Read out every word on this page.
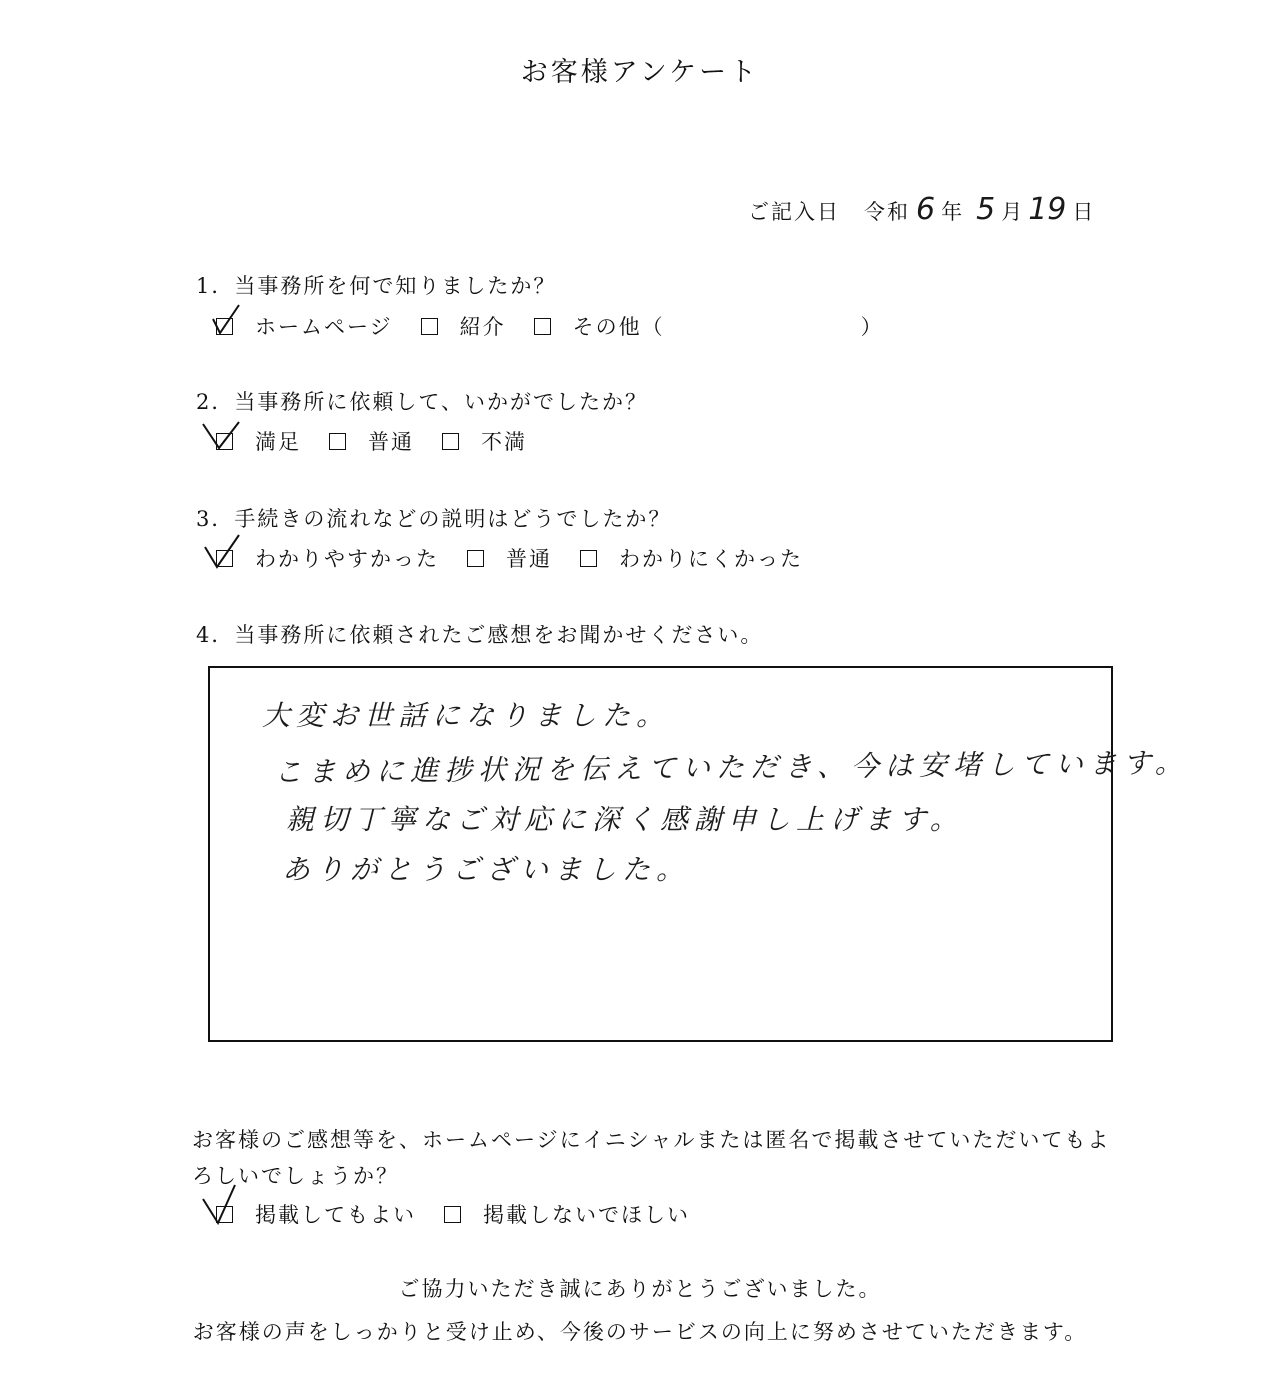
お客様アンケート
ご記入日 令和 6 年 5 月 19 日
1．当事務所を何で知りましたか？
ホームページ	紹介	その他（	）
2．当事務所に依頼して、いかがでしたか？
満足	普通	不満
3．手続きの流れなどの説明はどうでしたか？
わかりやすかった	普通	わかりにくかった
4．当事務所に依頼されたご感想をお聞かせください。
大変お世話になりました。
こまめに進捗状況を伝えていただき、今は安堵しています。
親切丁寧なご対応に深く感謝申し上げます。
ありがとうございました。
お客様のご感想等を、ホームページにイニシャルまたは匿名で掲載させていただいてもよろしいでしょうか？
掲載してもよい	掲載しないでほしい
ご協力いただき誠にありがとうございました。
お客様の声をしっかりと受け止め、今後のサービスの向上に努めさせていただきます。
